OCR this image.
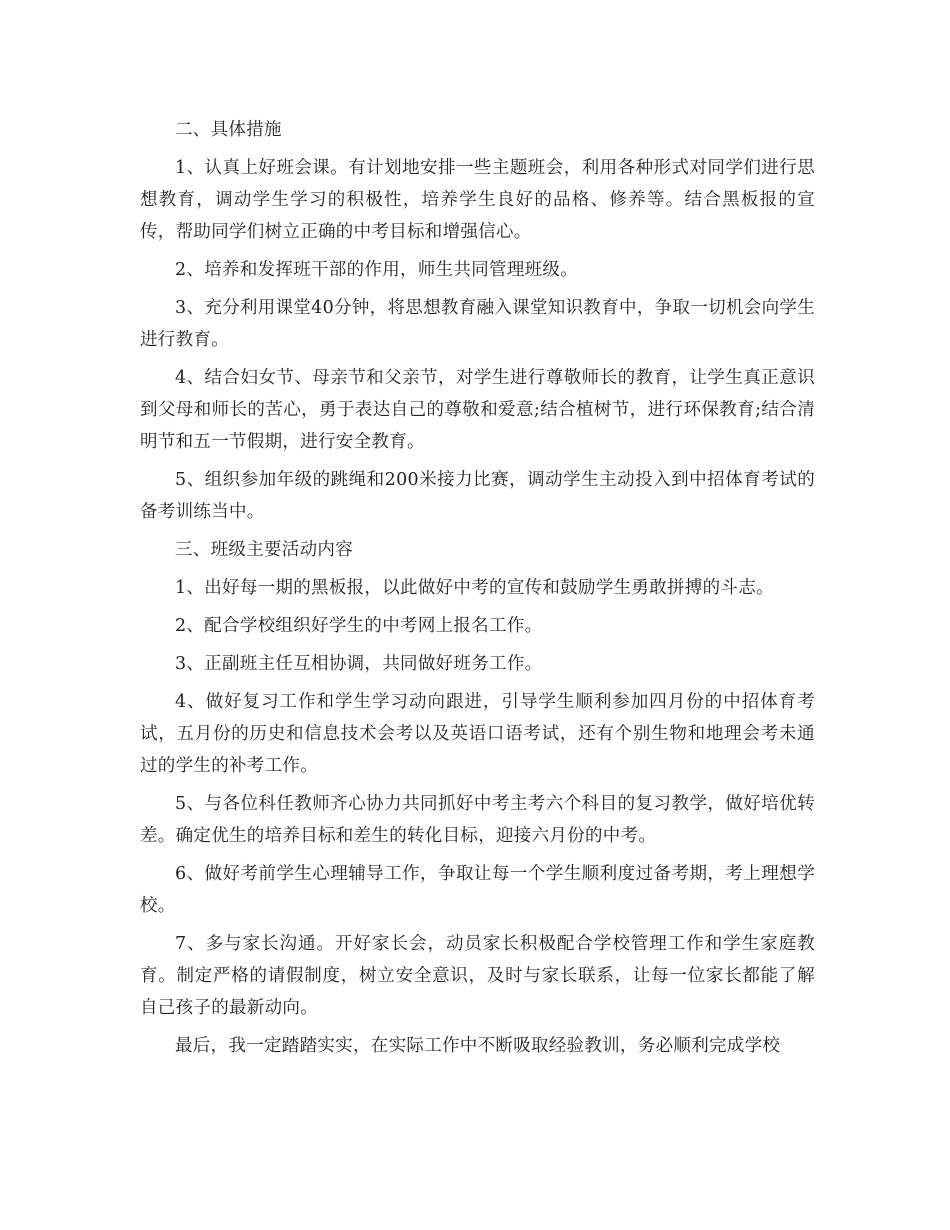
二、具体措施

1、认真上好班会课。有计划地安排一些主题班会，利用各种形式对同学们进行思想教育，调动学生学习的积极性，培养学生良好的品格、修养等。结合黑板报的宣传，帮助同学们树立正确的中考目标和增强信心。

2、培养和发挥班干部的作用，师生共同管理班级。

3、充分利用课堂40分钟，将思想教育融入课堂知识教育中，争取一切机会向学生进行教育。

4、结合妇女节、母亲节和父亲节，对学生进行尊敬师长的教育，让学生真正意识到父母和师长的苦心，勇于表达自己的尊敬和爱意;结合植树节，进行环保教育;结合清明节和五一节假期，进行安全教育。

5、组织参加年级的跳绳和200米接力比赛，调动学生主动投入到中招体育考试的备考训练当中。

三、班级主要活动内容

1、出好每一期的黑板报，以此做好中考的宣传和鼓励学生勇敢拼搏的斗志。

2、配合学校组织好学生的中考网上报名工作。

3、正副班主任互相协调，共同做好班务工作。

4、做好复习工作和学生学习动向跟进，引导学生顺利参加四月份的中招体育考试，五月份的历史和信息技术会考以及英语口语考试，还有个别生物和地理会考未通过的学生的补考工作。

5、与各位科任教师齐心协力共同抓好中考主考六个科目的复习教学，做好培优转差。确定优生的培养目标和差生的转化目标，迎接六月份的中考。

6、做好考前学生心理辅导工作，争取让每一个学生顺利度过备考期，考上理想学校。

7、多与家长沟通。开好家长会，动员家长积极配合学校管理工作和学生家庭教育。制定严格的请假制度，树立安全意识，及时与家长联系，让每一位家长都能了解自己孩子的最新动向。

最后，我一定踏踏实实，在实际工作中不断吸取经验教训，务必顺利完成学校
